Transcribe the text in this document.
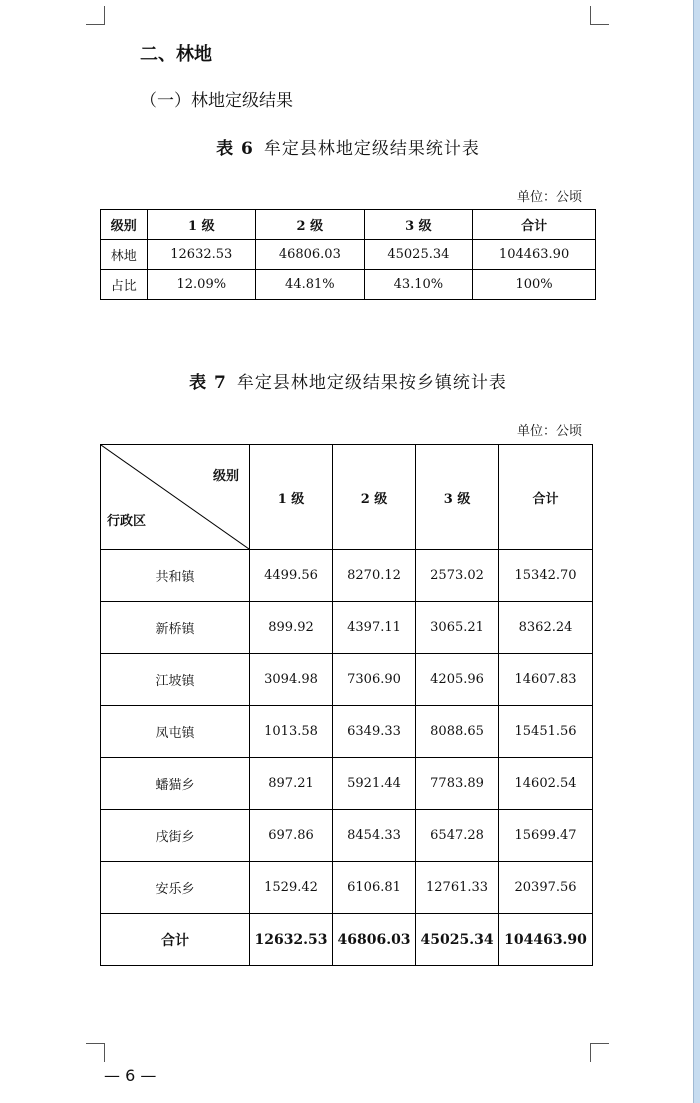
二、林地
（一）林地定级结果
表 6 牟定县林地定级结果统计表
单位：公顷
级别	1 级	2 级	3 级	合计
林地	12632.53	46806.03	45025.34	104463.90
占比	12.09%	44.81%	43.10%	100%
表 7 牟定县林地定级结果按乡镇统计表
单位：公顷
级别
行政区	1 级	2 级	3 级	合计
共和镇	4499.56	8270.12	2573.02	15342.70
新桥镇	899.92	4397.11	3065.21	8362.24
江坡镇	3094.98	7306.90	4205.96	14607.83
凤屯镇	1013.58	6349.33	8088.65	15451.56
蟠猫乡	897.21	5921.44	7783.89	14602.54
戌街乡	697.86	8454.33	6547.28	15699.47
安乐乡	1529.42	6106.81	12761.33	20397.56
合计	12632.53	46806.03	45025.34	104463.90
— 6 —
